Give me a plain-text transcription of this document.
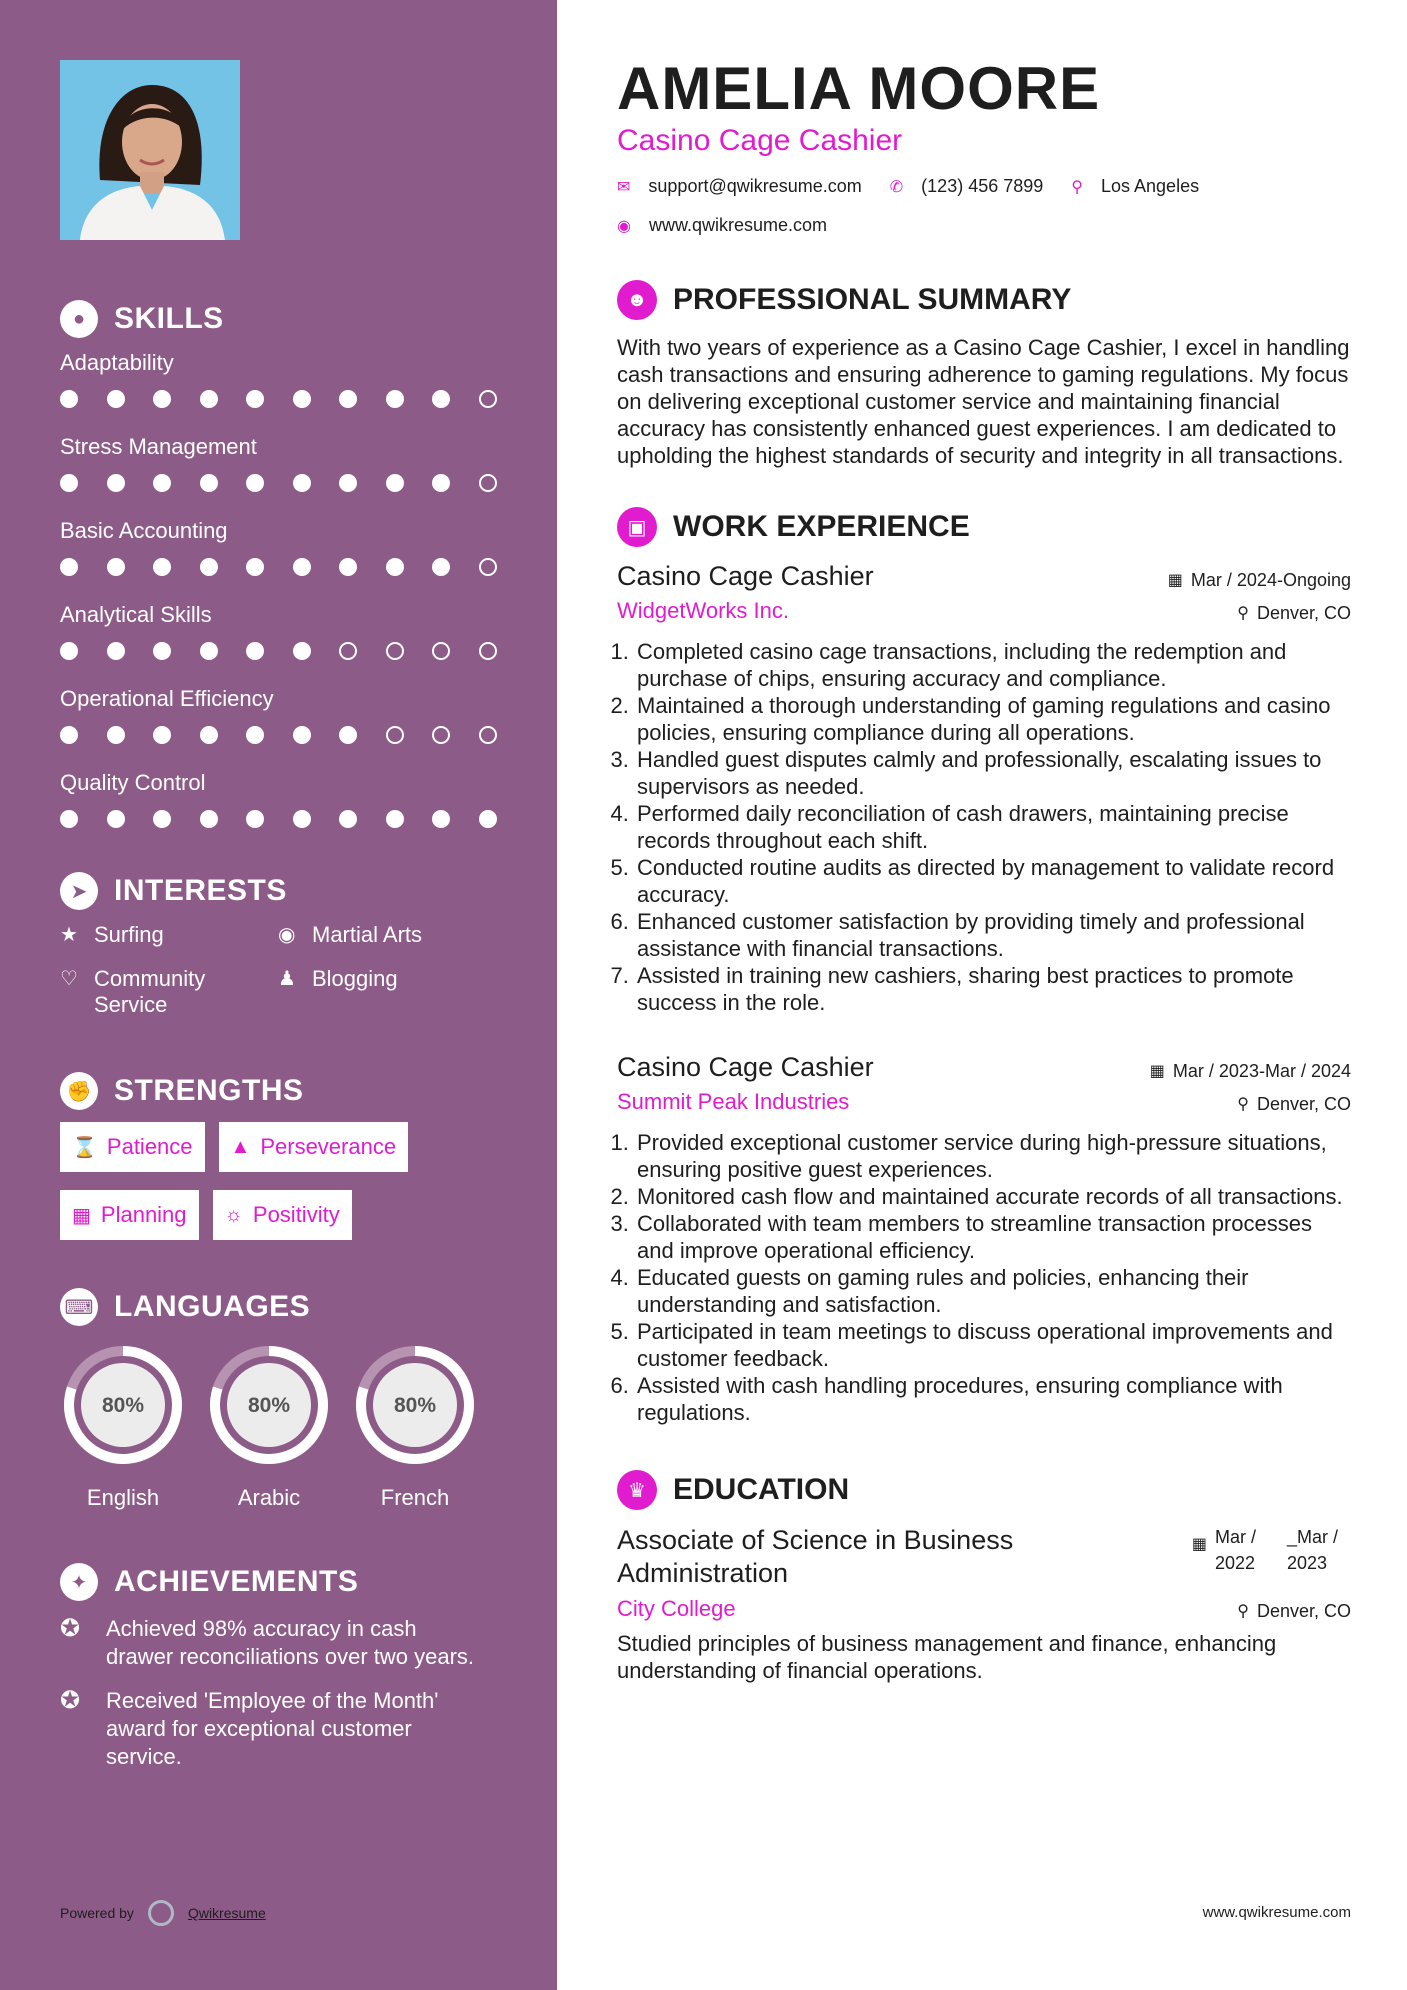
● SKILLS
Adaptability
Stress Management
Basic Accounting
Analytical Skills
Operational Efficiency
Quality Control
➤ INTERESTS
★ Surfing	◉ Martial Arts
♡ Community Service
♟ Blogging
✊ STRENGTHS
⌛ Patience ▲ Perseverance
▦ Planning ☼ Positivity
⌨ LANGUAGES
80%
English
80%
Arabic
80%
French
✦ ACHIEVEMENTS
✪	Achieved 98% accuracy in cash drawer reconciliations over two years.
✪	Received 'Employee of the Month' award for exceptional customer service.
Powered by	Qwikresume
AMELIA MOORE
Casino Cage Cashier
✉ support@qwikresume.com ✆ (123) 456 7899 ⚲ Los Angeles
◉ www.qwikresume.com
☻ PROFESSIONAL SUMMARY
With two years of experience as a Casino Cage Cashier, I excel in handling cash transactions and ensuring adherence to gaming regulations. My focus on delivering exceptional customer service and maintaining financial accuracy has consistently enhanced guest experiences. I am dedicated to upholding the highest standards of security and integrity in all transactions.
▣ WORK EXPERIENCE
Casino Cage Cashier	▦ Mar / 2024-Ongoing
WidgetWorks Inc.	⚲ Denver, CO
1. Completed casino cage transactions, including the redemption and purchase of chips, ensuring accuracy and compliance.
2. Maintained a thorough understanding of gaming regulations and casino policies, ensuring compliance during all operations.
3. Handled guest disputes calmly and professionally, escalating issues to supervisors as needed.
4. Performed daily reconciliation of cash drawers, maintaining precise records throughout each shift.
5. Conducted routine audits as directed by management to validate record accuracy.
6. Enhanced customer satisfaction by providing timely and professional assistance with financial transactions.
7. Assisted in training new cashiers, sharing best practices to promote success in the role.
Casino Cage Cashier	▦ Mar / 2023-Mar / 2024
Summit Peak Industries	⚲ Denver, CO
1. Provided exceptional customer service during high-pressure situations, ensuring positive guest experiences.
2. Monitored cash flow and maintained accurate records of all transactions.
3. Collaborated with team members to streamline transaction processes and improve operational efficiency.
4. Educated guests on gaming rules and policies, enhancing their understanding and satisfaction.
5. Participated in team meetings to discuss operational improvements and customer feedback.
6. Assisted with cash handling procedures, ensuring compliance with regulations.
♛ EDUCATION
Associate of Science in Business Administration
▦ Mar / 2022
_Mar / 2023
City College	⚲ Denver, CO
Studied principles of business management and finance, enhancing understanding of financial operations.
www.qwikresume.com
